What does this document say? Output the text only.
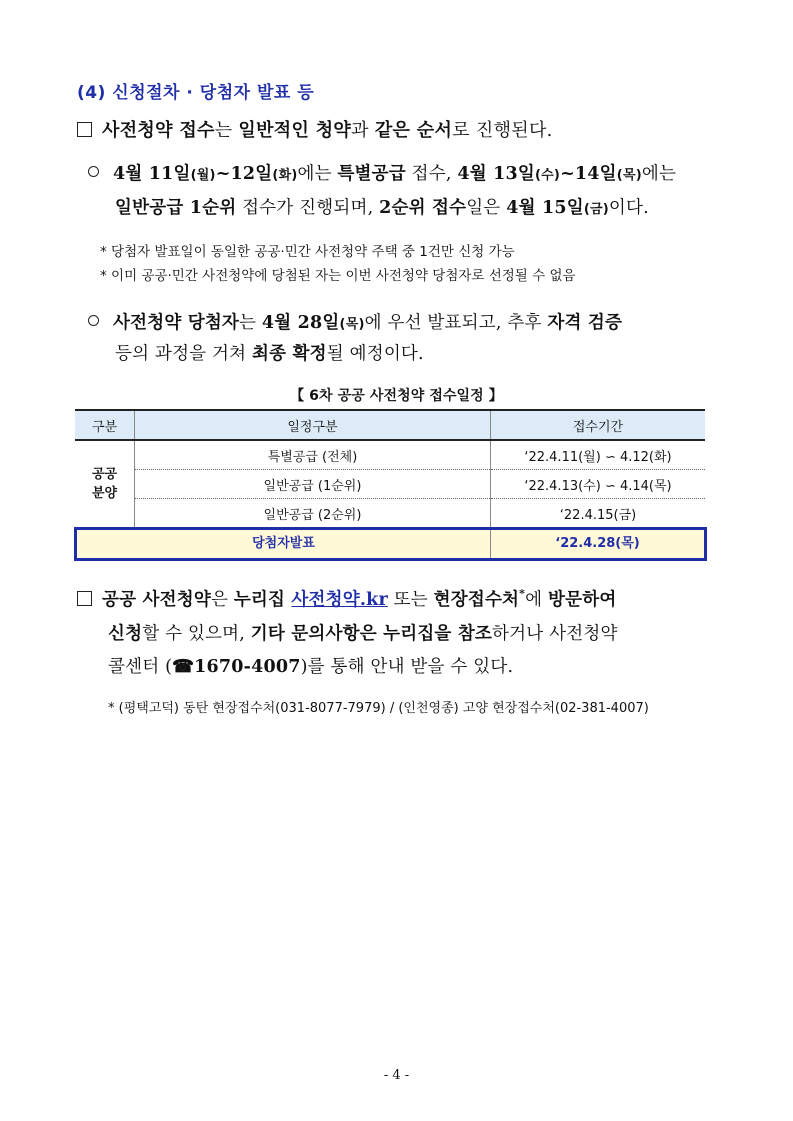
(4) 신청절차 · 당첨자 발표 등
사전청약 접수는 일반적인 청약과 같은 순서로 진행된다.
4월 11일(월)~12일(화)에는 특별공급 접수, 4월 13일(수)~14일(목)에는
일반공급 1순위 접수가 진행되며, 2순위 접수일은 4월 15일(금)이다.
* 당첨자 발표일이 동일한 공공·민간 사전청약 주택 중 1건만 신청 가능
* 이미 공공·민간 사전청약에 당첨된 자는 이번 사전청약 당첨자로 선정될 수 없음
사전청약 당첨자는 4월 28일(목)에 우선 발표되고, 추후 자격 검증
등의 과정을 거쳐 최종 확정될 예정이다.
【 6차 공공 사전청약 접수일정 】
구분	일정구분	접수기간
공공
분양	특별공급 (전체)	‘22.4.11(월) ∽ 4.12(화)
	일반공급 (1순위)	‘22.4.13(수) ∽ 4.14(목)
	일반공급 (2순위)	‘22.4.15(금)
당첨자발표	‘22.4.28(목)
공공 사전청약은 누리집 사전청약.kr 또는 현장접수처*에 방문하여
신청할 수 있으며, 기타 문의사항은 누리집을 참조하거나 사전청약
콜센터 (☎1670-4007)를 통해 안내 받을 수 있다.
* (평택고덕) 동탄 현장접수처(031-8077-7979) / (인천영종) 고양 현장접수처(02-381-4007)
- 4 -
